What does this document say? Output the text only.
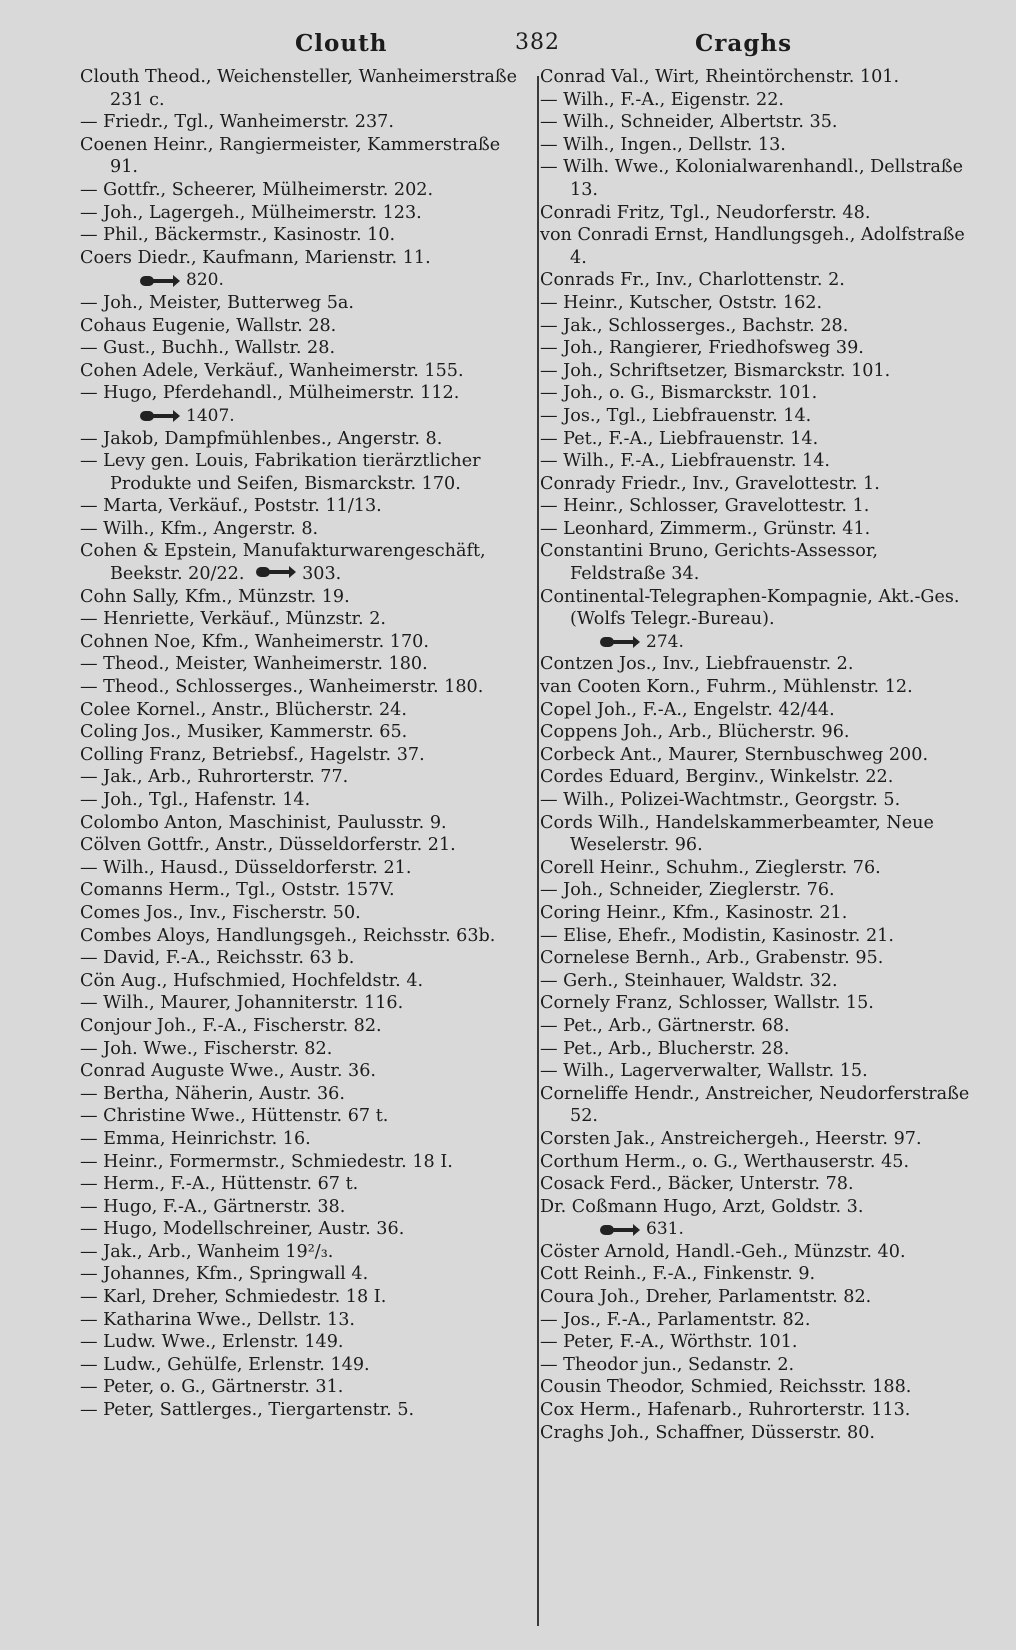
Clouth	382	Craghs
Clouth Theod., Weichensteller, Wanheimerstraße 231 c.
— Friedr., Tgl., Wanheimerstr. 237.
Coenen Heinr., Rangiermeister, Kammerstraße 91.
— Gottfr., Scheerer, Mülheimerstr. 202.
— Joh., Lagergeh., Mülheimerstr. 123.
— Phil., Bäckermstr., Kasinostr. 10.
Coers Diedr., Kaufmann, Marienstr. 11.
820.
— Joh., Meister, Butterweg 5a.
Cohaus Eugenie, Wallstr. 28.
— Gust., Buchh., Wallstr. 28.
Cohen Adele, Verkäuf., Wanheimerstr. 155.
— Hugo, Pferdehandl., Mülheimerstr. 112.
1407.
— Jakob, Dampfmühlenbes., Angerstr. 8.
— Levy gen. Louis, Fabrikation tierärztlicher Produkte und Seifen, Bismarckstr. 170.
— Marta, Verkäuf., Poststr. 11/13.
— Wilh., Kfm., Angerstr. 8.
Cohen & Epstein, Manufakturwarengeschäft, Beekstr. 20/22.	303.
Cohn Sally, Kfm., Münzstr. 19.
— Henriette, Verkäuf., Münzstr. 2.
Cohnen Noe, Kfm., Wanheimerstr. 170.
— Theod., Meister, Wanheimerstr. 180.
— Theod., Schlosserges., Wanheimerstr. 180.
Colee Kornel., Anstr., Blücherstr. 24.
Coling Jos., Musiker, Kammerstr. 65.
Colling Franz, Betriebsf., Hagelstr. 37.
— Jak., Arb., Ruhrorterstr. 77.
— Joh., Tgl., Hafenstr. 14.
Colombo Anton, Maschinist, Paulusstr. 9.
Cölven Gottfr., Anstr., Düsseldorferstr. 21.
— Wilh., Hausd., Düsseldorferstr. 21.
Comanns Herm., Tgl., Oststr. 157V.
Comes Jos., Inv., Fischerstr. 50.
Combes Aloys, Handlungsgeh., Reichsstr. 63b.
— David, F.-A., Reichsstr. 63 b.
Cön Aug., Hufschmied, Hochfeldstr. 4.
— Wilh., Maurer, Johanniterstr. 116.
Conjour Joh., F.-A., Fischerstr. 82.
— Joh. Wwe., Fischerstr. 82.
Conrad Auguste Wwe., Austr. 36.
— Bertha, Näherin, Austr. 36.
— Christine Wwe., Hüttenstr. 67 t.
— Emma, Heinrichstr. 16.
— Heinr., Formermstr., Schmiedestr. 18 I.
— Herm., F.-A., Hüttenstr. 67 t.
— Hugo, F.-A., Gärtnerstr. 38.
— Hugo, Modellschreiner, Austr. 36.
— Jak., Arb., Wanheim 19²/₃.
— Johannes, Kfm., Springwall 4.
— Karl, Dreher, Schmiedestr. 18 I.
— Katharina Wwe., Dellstr. 13.
— Ludw. Wwe., Erlenstr. 149.
— Ludw., Gehülfe, Erlenstr. 149.
— Peter, o. G., Gärtnerstr. 31.
— Peter, Sattlerges., Tiergartenstr. 5.
Conrad Val., Wirt, Rheintörchenstr. 101.
— Wilh., F.-A., Eigenstr. 22.
— Wilh., Schneider, Albertstr. 35.
— Wilh., Ingen., Dellstr. 13.
— Wilh. Wwe., Kolonialwarenhandl., Dellstraße 13.
Conradi Fritz, Tgl., Neudorferstr. 48.
von Conradi Ernst, Handlungsgeh., Adolfstraße 4.
Conrads Fr., Inv., Charlottenstr. 2.
— Heinr., Kutscher, Oststr. 162.
— Jak., Schlosserges., Bachstr. 28.
— Joh., Rangierer, Friedhofsweg 39.
— Joh., Schriftsetzer, Bismarckstr. 101.
— Joh., o. G., Bismarckstr. 101.
— Jos., Tgl., Liebfrauenstr. 14.
— Pet., F.-A., Liebfrauenstr. 14.
— Wilh., F.-A., Liebfrauenstr. 14.
Conrady Friedr., Inv., Gravelottestr. 1.
— Heinr., Schlosser, Gravelottestr. 1.
— Leonhard, Zimmerm., Grünstr. 41.
Constantini Bruno, Gerichts-Assessor, Feldstraße 34.
Continental-Telegraphen-Kompagnie, Akt.-Ges. (Wolfs Telegr.-Bureau).
274.
Contzen Jos., Inv., Liebfrauenstr. 2.
van Cooten Korn., Fuhrm., Mühlenstr. 12.
Copel Joh., F.-A., Engelstr. 42/44.
Coppens Joh., Arb., Blücherstr. 96.
Corbeck Ant., Maurer, Sternbuschweg 200.
Cordes Eduard, Berginv., Winkelstr. 22.
— Wilh., Polizei-Wachtmstr., Georgstr. 5.
Cords Wilh., Handelskammerbeamter, Neue Weselerstr. 96.
Corell Heinr., Schuhm., Zieglerstr. 76.
— Joh., Schneider, Zieglerstr. 76.
Coring Heinr., Kfm., Kasinostr. 21.
— Elise, Ehefr., Modistin, Kasinostr. 21.
Cornelese Bernh., Arb., Grabenstr. 95.
— Gerh., Steinhauer, Waldstr. 32.
Cornely Franz, Schlosser, Wallstr. 15.
— Pet., Arb., Gärtnerstr. 68.
— Pet., Arb., Blucherstr. 28.
— Wilh., Lagerverwalter, Wallstr. 15.
Corneliffe Hendr., Anstreicher, Neudorferstraße 52.
Corsten Jak., Anstreichergeh., Heerstr. 97.
Corthum Herm., o. G., Werthauserstr. 45.
Cosack Ferd., Bäcker, Unterstr. 78.
Dr. Coßmann Hugo, Arzt, Goldstr. 3.
631.
Cöster Arnold, Handl.-Geh., Münzstr. 40.
Cott Reinh., F.-A., Finkenstr. 9.
Coura Joh., Dreher, Parlamentstr. 82.
— Jos., F.-A., Parlamentstr. 82.
— Peter, F.-A., Wörthstr. 101.
— Theodor jun., Sedanstr. 2.
Cousin Theodor, Schmied, Reichsstr. 188.
Cox Herm., Hafenarb., Ruhrorterstr. 113.
Craghs Joh., Schaffner, Düsserstr. 80.
